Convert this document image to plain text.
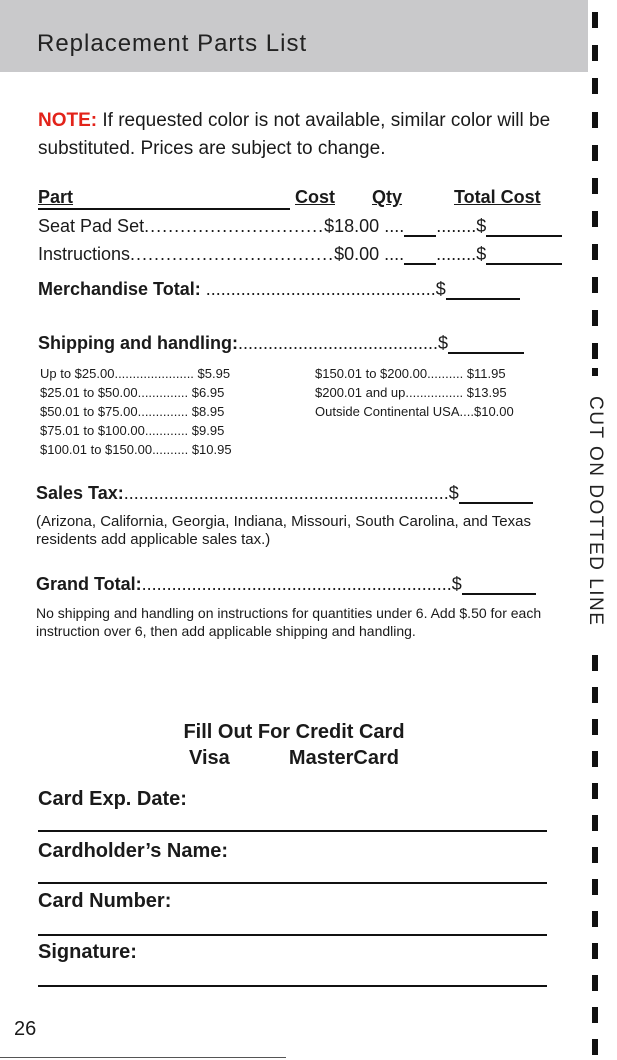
Replacement Parts List
CUT ON DOTTED LINE
NOTE: If requested color is not available, similar color will be substituted. Prices are subject to change.
Part	Cost Qty	Total Cost
Seat Pad Set..............................$18.00 .... ........$
Instructions..................................$0.00 .... ........$
Merchandise Total: ..............................................$
Shipping and handling:........................................$
Up to $25.00...................... $5.95
$25.01 to $50.00.............. $6.95
$50.01 to $75.00.............. $8.95
$75.01 to $100.00............ $9.95
$100.01 to $150.00.......... $10.95
$150.01 to $200.00.......... $11.95
$200.01 and up................ $13.95
Outside Continental USA....$10.00
Sales Tax:.................................................................$
(Arizona, California, Georgia, Indiana, Missouri, South Carolina, and Texas residents add applicable sales tax.)
Grand Total:..............................................................$
No shipping and handling on instructions for quantities under 6. Add $.50 for each instruction over 6, then add applicable shipping and handling.
Fill Out For Credit Card
Visa	MasterCard
Card Exp. Date:
Cardholder’s Name:
Card Number:
Signature:
26
